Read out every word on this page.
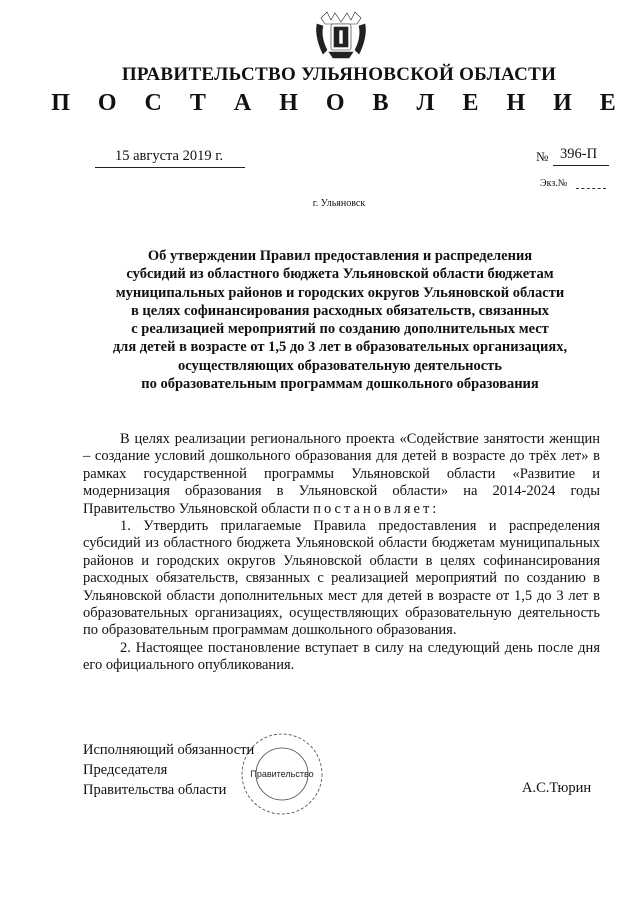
ПРАВИТЕЛЬСТВО УЛЬЯНОВСКОЙ ОБЛАСТИ
П О С Т А Н О В Л Е Н И Е
15 августа 2019 г.	№ 396-П
Экз.№
г. Ульяновск
Об утверждении Правил предоставления и распределения
субсидий из областного бюджета Ульяновской области бюджетам
муниципальных районов и городских округов Ульяновской области
в целях софинансирования расходных обязательств, связанных
с реализацией мероприятий по созданию дополнительных мест
для детей в возрасте от 1,5 до 3 лет в образовательных организациях,
осуществляющих образовательную деятельность
по образовательным программам дошкольного образования

В целях реализации регионального проекта «Содействие занятости женщин – создание условий дошкольного образования для детей в возрасте до трёх лет» в рамках государственной программы Ульяновской области «Развитие и модернизация образования в Ульяновской области» на 2014-2024 годы Правительство Ульяновской области постановляет:

1. Утвердить прилагаемые Правила предоставления и распределения субсидий из областного бюджета Ульяновской области бюджетам муниципальных районов и городских округов Ульяновской области в целях софинансирования расходных обязательств, связанных с реализацией мероприятий по созданию в Ульяновской области дополнительных мест для детей в возрасте от 1,5 до 3 лет в образовательных организациях, осуществляющих образовательную деятельность по образовательным программам дошкольного образования.

2. Настоящее постановление вступает в силу на следующий день после дня его официального опубликования.

Правительство
Исполняющий обязанности
Председателя
Правительства области	А.С.Тюрин
